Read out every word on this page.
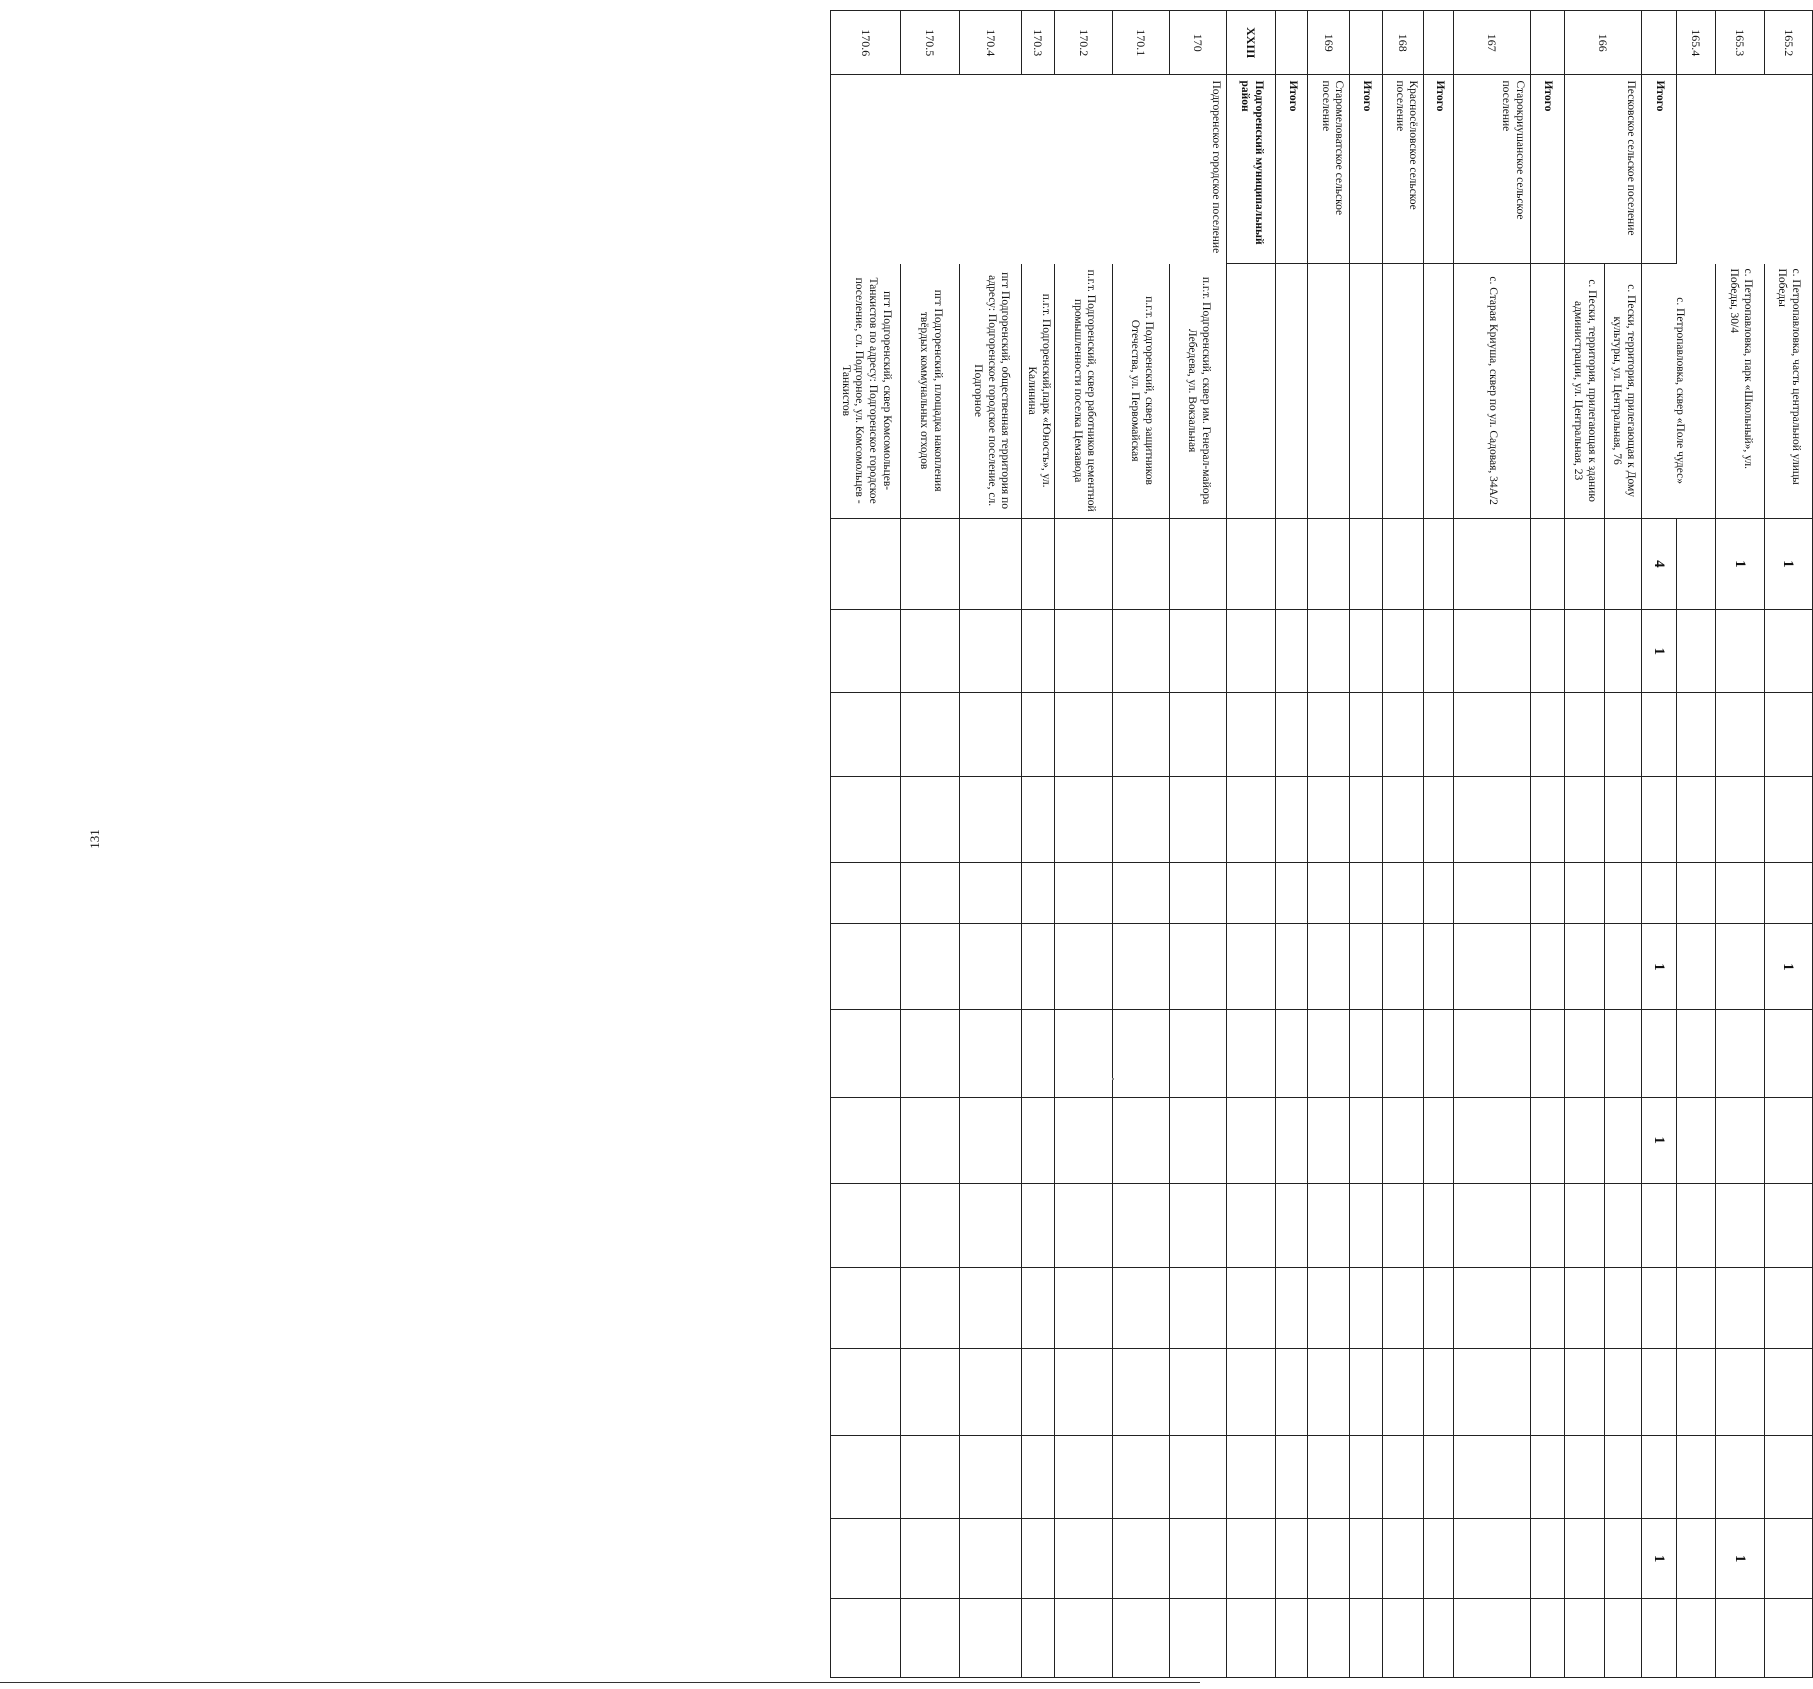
131
165.2		с. Петропавловка, часть центральной улицы Победы	1					1								
165.3		с. Петропавловка, парк «Школьный», ул. Победы, 30/4	1												1	
165.4		с. Петропавловка, сквер «Поле чудес»														
	Итого		4	1				1		1					1	
166	Песковское сельское поселение	с. Пески, территория, прилегающая к Дому культуры, ул. Центральная, 76														
		с. Пески, территория, прилегающая к зданию администрации, ул. Центральная, 23														
	Итого															
167	Старокриушанское сельское поселение	с. Старая Криуша, сквер по ул. Садовая, 34А/2														
	Итого															
168	Красносёловское сельское поселение															
	Итого															
169	Старомеловатское сельское поселение															
	Итого															
XXIII	Подгоренский муниципальный район															
170	Подгоренское городское поселение	п.г.т. Подгоренский, сквер им. Генерал-майора Лебедева, ул. Вокзальная														
170.1		п.г.т. Подгоренский, сквер защитников Отечества, ул. Первомайская														
170.2		п.г.т. Подгоренский, сквер работников цементной промышленности поселка Цемзавода														
170.3		п.г.т. Подгоренский,парк «Юность», ул. Калинина														
170.4		пгт Подгоренский, общественная территория по адресу: Подгоренское городское поселение, сл. Подгорное														
170.5		пгт Подгоренский, площадка накопления твёрдых коммунальных отходов														
170.6		пгт Подгоренский, сквер Комсомольцев-Танкистов по адресу: Подгоренское городское поселение, сл. Подгорное, ул. Комсомольцев - Танкистов														
